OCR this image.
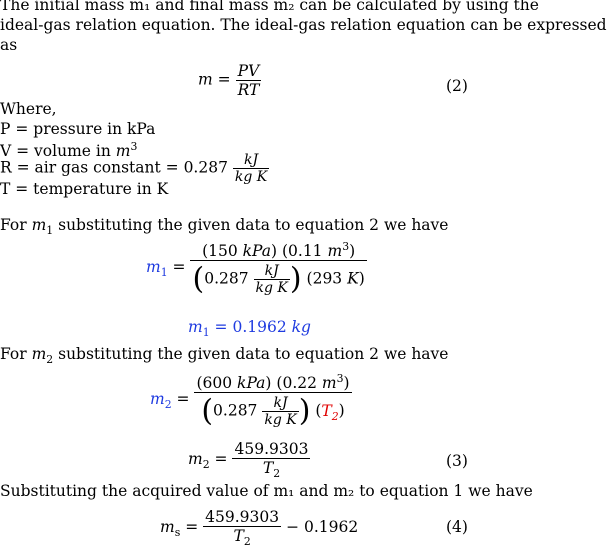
The initial mass m₁ and final mass m₂ can be calculated by using the
ideal-gas relation equation. The ideal-gas relation equation can be expressed
as
$m = \frac{PV}{RT}$	(2)
Where,
P = pressure in kPa
V = volume in $m^3$
R = air gas constant = $0.287 \frac{kJ}{\text{kg K}}$
T = temperature in K
For $m_1$ substituting the given data to equation 2 we have
$m_1 = \frac{(150 kPa) (0.11 m^3)}{(0.287 \frac{kJ}{\text{kg K}} ) (293 K)}$
$m_1 = 0.1962$ kg
For $m_2$ substituting the given data to equation 2 we have
$m_2 = \frac{(600 kPa) (0.22 m^3)}{(0.287 \frac{kJ}{\text{kg K}} ) (T_2)}$
$m_2 = \frac{459.9303}{T_2}$	(3)
Substituting the acquired value of m₁ and m₂ to equation 1 we have
$m_s = \frac{459.9303}{T_2} - 0.1962$	(4)
